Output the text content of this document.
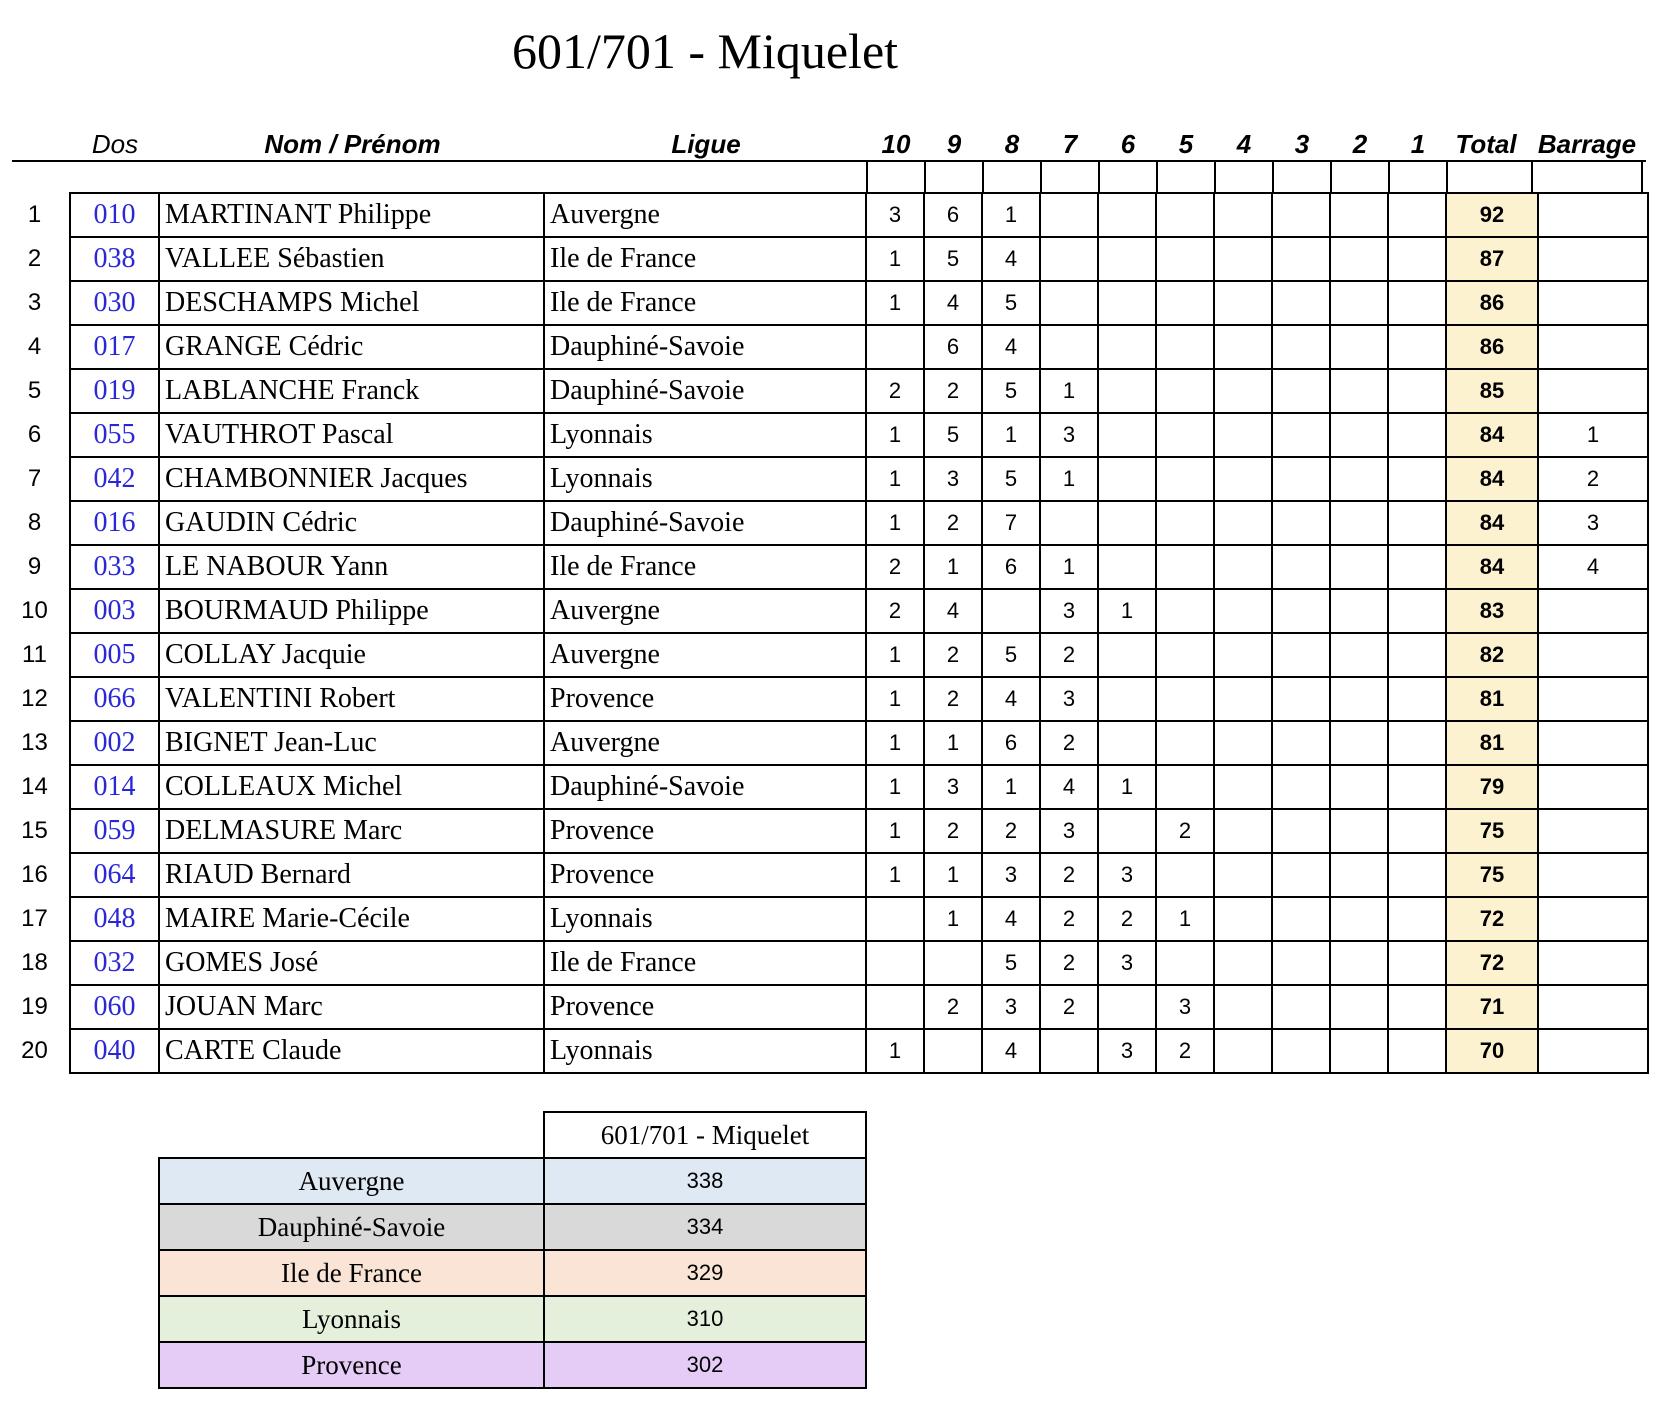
601/701 - Miquelet
Dos	Nom / Prénom	Ligue	10	9	8	7	6	5	4	3	2	1	Total Barrage
1	010	MARTINANT Philippe	Auvergne	3	6	1								92	
2	038	VALLEE Sébastien	Ile de France	1	5	4								87	
3	030	DESCHAMPS Michel	Ile de France	1	4	5								86	
4	017	GRANGE Cédric	Dauphiné-Savoie		6	4								86	
5	019	LABLANCHE Franck	Dauphiné-Savoie	2	2	5	1							85	
6	055	VAUTHROT Pascal	Lyonnais	1	5	1	3							84	1
7	042	CHAMBONNIER Jacques	Lyonnais	1	3	5	1							84	2
8	016	GAUDIN Cédric	Dauphiné-Savoie	1	2	7								84	3
9	033	LE NABOUR Yann	Ile de France	2	1	6	1							84	4
10	003	BOURMAUD Philippe	Auvergne	2	4		3	1						83	
11	005	COLLAY Jacquie	Auvergne	1	2	5	2							82	
12	066	VALENTINI Robert	Provence	1	2	4	3							81	
13	002	BIGNET Jean-Luc	Auvergne	1	1	6	2							81	
14	014	COLLEAUX Michel	Dauphiné-Savoie	1	3	1	4	1						79	
15	059	DELMASURE Marc	Provence	1	2	2	3		2					75	
16	064	RIAUD Bernard	Provence	1	1	3	2	3						75	
17	048	MAIRE Marie-Cécile	Lyonnais		1	4	2	2	1					72	
18	032	GOMES José	Ile de France			5	2	3						72	
19	060	JOUAN Marc	Provence		2	3	2		3					71	
20	040	CARTE Claude	Lyonnais	1		4		3	2					70	
	601/701 - Miquelet
Auvergne	338
Dauphiné-Savoie	334
Ile de France	329
Lyonnais	310
Provence	302
